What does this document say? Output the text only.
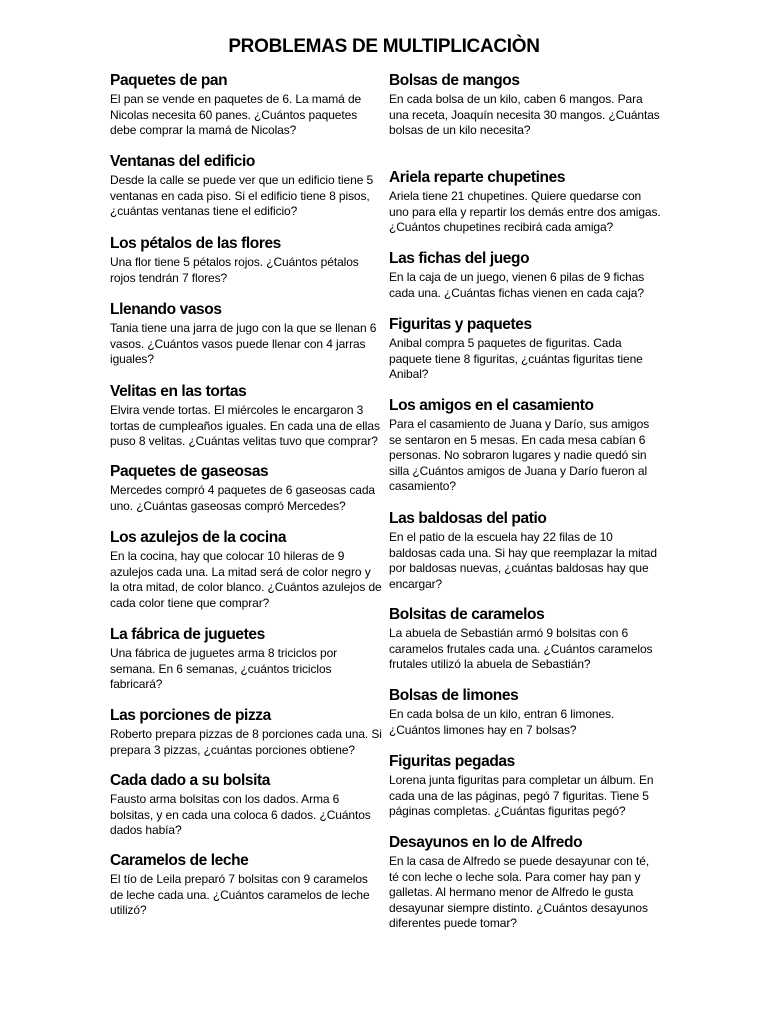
PROBLEMAS DE MULTIPLICACIÒN
Paquetes de pan
El pan se vende en paquetes de 6. La mamá de Nicolas necesita 60 panes. ¿Cuántos paquetes debe comprar la mamá de Nicolas?
Ventanas del edificio
Desde la calle se puede ver que un edificio tiene 5 ventanas en cada piso. Si el edificio tiene 8 pisos, ¿cuántas ventanas tiene el edificio?
Los pétalos de las flores
Una flor tiene 5 pétalos rojos. ¿Cuántos pétalos rojos tendrán 7 flores?
Llenando vasos
Tania tiene una jarra de jugo con la que se llenan 6 vasos. ¿Cuántos vasos puede llenar con 4 jarras iguales?
Velitas en las tortas
Elvira vende tortas. El miércoles le encargaron 3 tortas de cumpleaños iguales. En cada una de ellas puso 8 velitas. ¿Cuántas velitas tuvo que comprar?
Paquetes de gaseosas
Mercedes compró 4 paquetes de 6 gaseosas cada uno. ¿Cuántas gaseosas compró Mercedes?
Los azulejos de la cocina
En la cocina, hay que colocar 10 hileras de 9 azulejos cada una. La mitad será de color negro y la otra mitad, de color blanco. ¿Cuántos azulejos de cada color tiene que comprar?
La fábrica de juguetes
Una fábrica de juguetes arma 8 triciclos por semana. En 6 semanas, ¿cuántos triciclos fabricará?
Las porciones de pizza
Roberto prepara pizzas de 8 porciones cada una. Si prepara 3 pizzas, ¿cuántas porciones obtiene?
Cada dado a su bolsita
Fausto arma bolsitas con los dados. Arma 6 bolsitas, y en cada una coloca 6 dados. ¿Cuántos dados había?
Caramelos de leche
El tío de Leila preparó 7 bolsitas con 9 caramelos de leche cada una. ¿Cuántos caramelos de leche utilizó?
Bolsas de mangos
En cada bolsa de un kilo, caben 6 mangos. Para una receta, Joaquín necesita 30 mangos. ¿Cuántas bolsas de un kilo necesita?
Ariela reparte chupetines
Ariela tiene 21 chupetines. Quiere quedarse con uno para ella y repartir los demás entre dos amigas. ¿Cuántos chupetines recibirá cada amiga?
Las fichas del juego
En la caja de un juego, vienen 6 pilas de 9 fichas cada una. ¿Cuántas fichas vienen en cada caja?
Figuritas y paquetes
Anibal compra 5 paquetes de figuritas. Cada paquete tiene 8 figuritas, ¿cuántas figuritas tiene Anibal?
Los amigos en el casamiento
Para el casamiento de Juana y Darío, sus amigos se sentaron en 5 mesas. En cada mesa cabían 6 personas. No sobraron lugares y nadie quedó sin silla ¿Cuántos amigos de Juana y Darío fueron al casamiento?
Las baldosas del patio
En el patio de la escuela hay 22 filas de 10 baldosas cada una. Si hay que reemplazar la mitad por baldosas nuevas, ¿cuántas baldosas hay que encargar?
Bolsitas de caramelos
La abuela de Sebastián armó 9 bolsitas con 6 caramelos frutales cada una. ¿Cuántos caramelos frutales utilizó la abuela de Sebastián?
Bolsas de limones
En cada bolsa de un kilo, entran 6 limones. ¿Cuántos limones hay en 7 bolsas?
Figuritas pegadas
Lorena junta figuritas para completar un álbum. En cada una de las páginas, pegó 7 figuritas. Tiene 5 páginas completas. ¿Cuántas figuritas pegó?
Desayunos en lo de Alfredo
En la casa de Alfredo se puede desayunar con té, té con leche o leche sola. Para comer hay pan y galletas. Al hermano menor de Alfredo le gusta desayunar siempre distinto. ¿Cuántos desayunos diferentes puede tomar?
